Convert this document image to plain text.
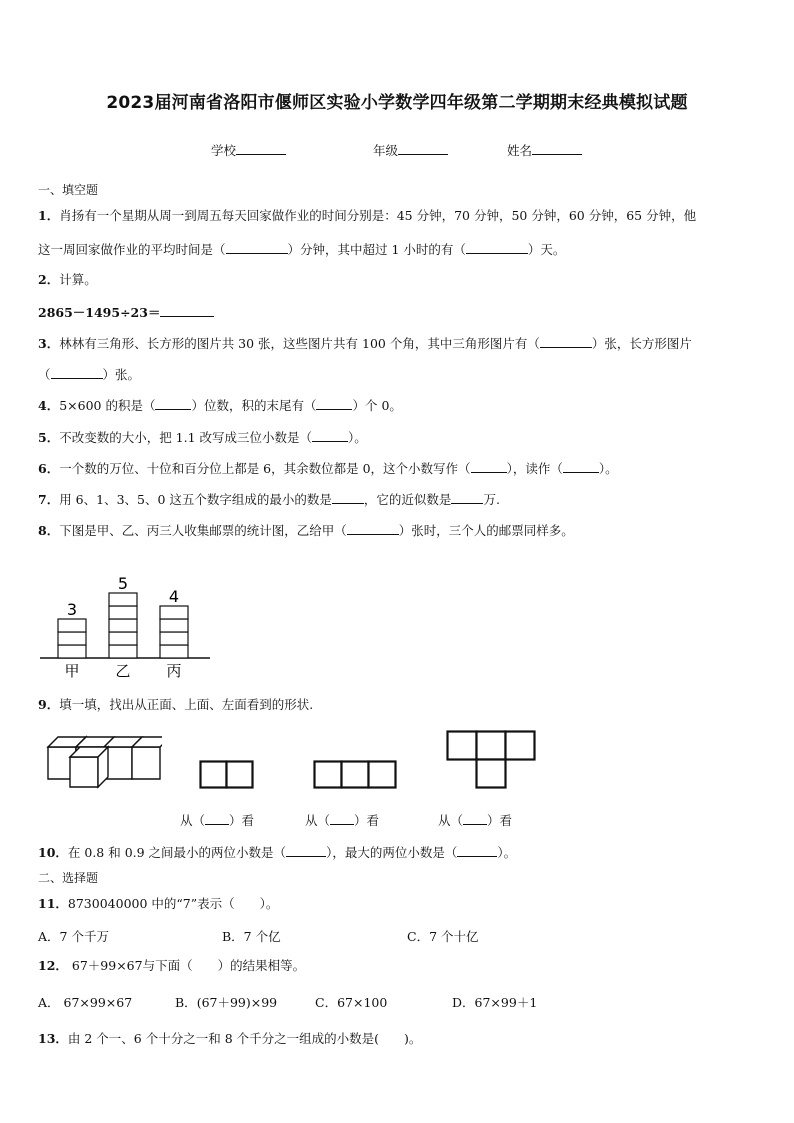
2023届河南省洛阳市偃师区实验小学数学四年级第二学期期末经典模拟试题
学校	年级	姓名
一、填空题
1．肖扬有一个星期从周一到周五每天回家做作业的时间分别是：45 分钟，70 分钟，50 分钟，60 分钟，65 分钟，他
这一周回家做作业的平均时间是（	）分钟，其中超过 1 小时的有（	）天。
2．计算。
2865－1495÷23＝
3．林林有三角形、长方形的图片共 30 张，这些图片共有 100 个角，其中三角形图片有（	）张，长方形图片
（	）张。
4．5×600 的积是（	）位数，积的末尾有（	）个 0。
5．不改变数的大小，把 1.1 改写成三位小数是（	）。
6．一个数的万位、十位和百分位上都是 6，其余数位都是 0，这个小数写作（	），读作（	）。
7．用 6、1、3、5、0 这五个数字组成的最小的数是	，它的近似数是	万.
8．下图是甲、乙、丙三人收集邮票的统计图，乙给甲（	）张时，三个人的邮票同样多。
3
甲
5
乙
4
丙
9．填一填，找出从正面、上面、左面看到的形状.
从（ ）看	从（ ）看	从（ ）看
10．在 0.8 和 0.9 之间最小的两位小数是（	），最大的两位小数是（	）。
二、选择题
11．8730040000 中的“7”表示（　　）。
A．7 个千万	B．7 个亿	C．7 个十亿
12． 67＋99×67与下面（　　）的结果相等。
A． 67×99×67	B．(67＋99)×99	C．67×100	D．67×99＋1
13．由 2 个一、6 个十分之一和 8 个千分之一组成的小数是(　　)。
